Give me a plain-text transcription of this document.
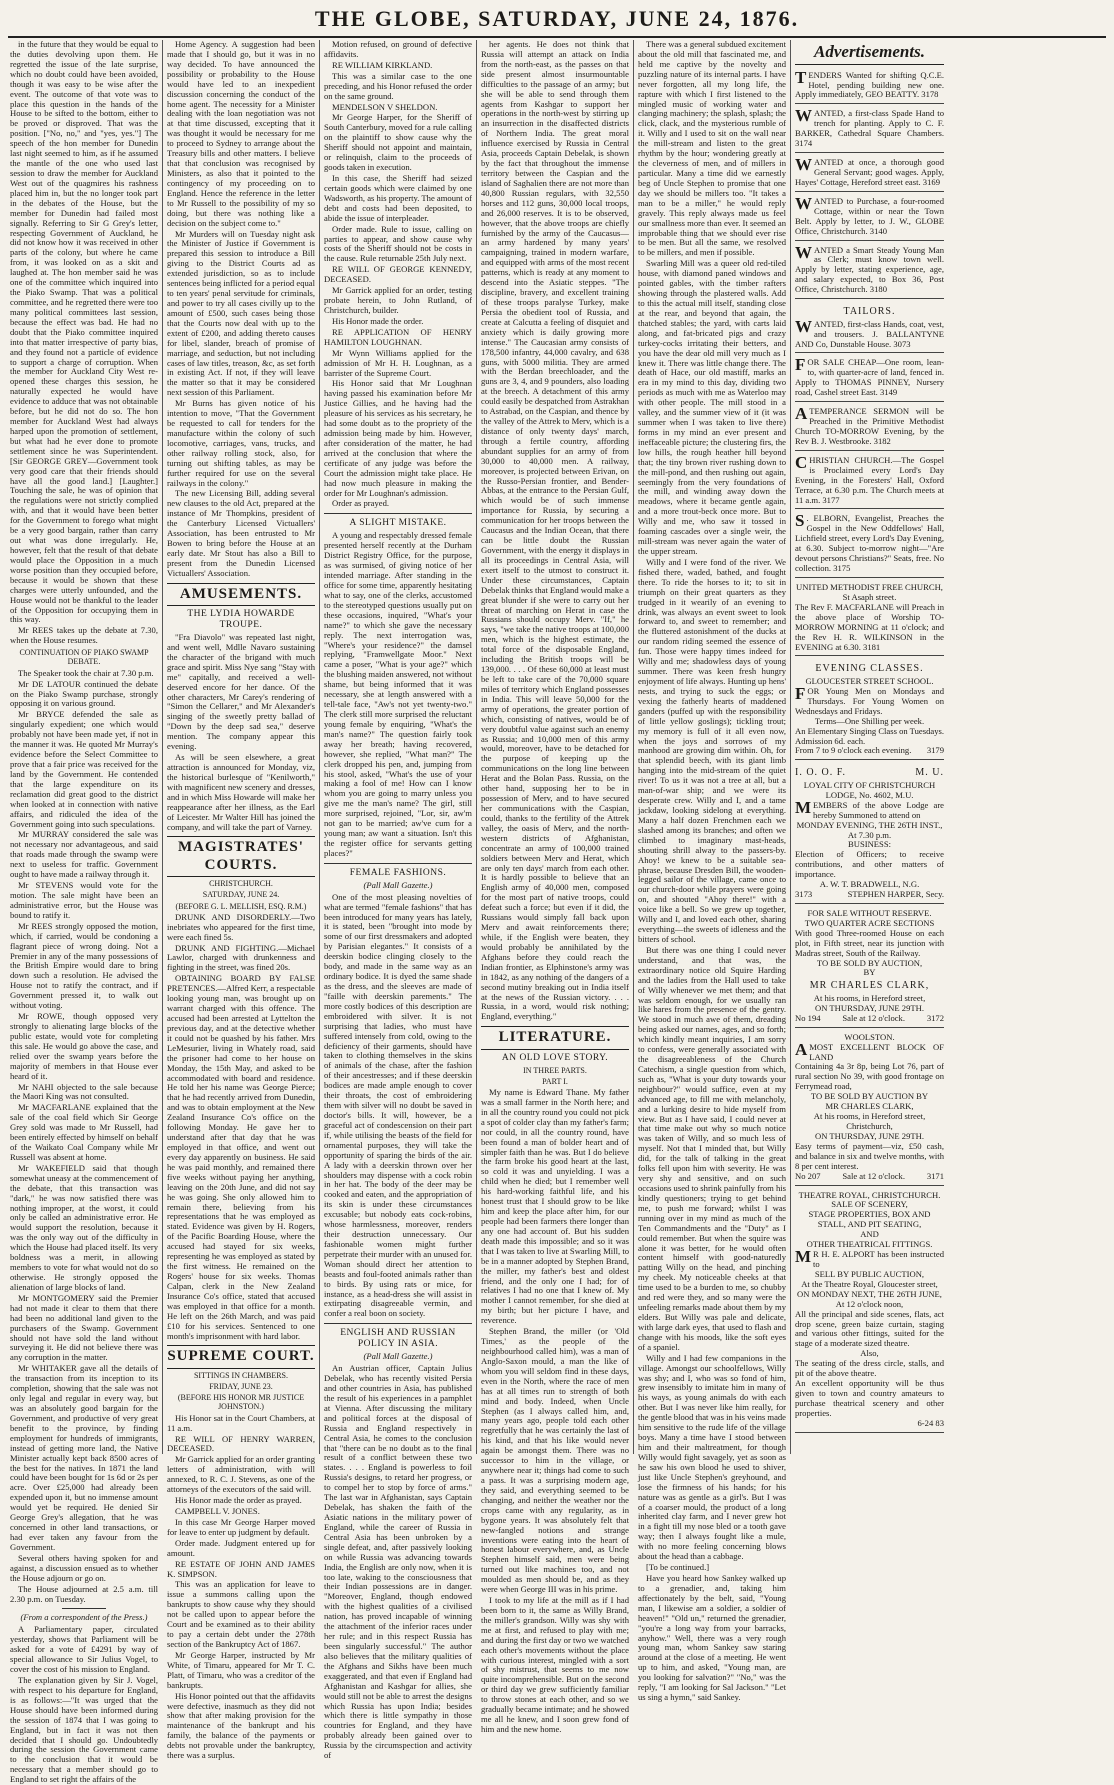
THE GLOBE, SATURDAY, JUNE 24, 1876.

in the future that they would be equal to the duties devolving upon them. He regretted the issue of the late surprise, which no doubt could have been avoided, though it was easy to be wise after the event. The outcome of that vote was to place this question in the hands of the House to be sifted to the bottom, either to be proved or disproved. That was the position. ["No, no," and "yes, yes."] The speech of the hon member for Dunedin last night seemed to him, as if he assumed the mantle of the one who used last session to draw the member for Auckland West out of the quagmires his rashness placed him in, but the no longer took part in the debates of the House, but the member for Dunedin had failed most signally. Referring to Sir G Grey's letter, respecting Government of Auckland, he did not know how it was received in other parts of the colony, but where he came from, it was looked on as a skit and laughed at. The hon member said he was one of the committee which inquired into the Piako Swamp. That was a political committee, and he regretted there were too many political committees last session, because the effect was bad. He had no doubt that the Piako committee inquired into that matter irrespective of party bias, and they found not a particle of evidence to support a charge of corruption. When the member for Auckland City West re-opened these charges this session, he naturally expected he would have evidence to adduce that was not obtainable before, but he did not do so. The hon member for Auckland West had always harped upon the promotion of settlement, but what had he ever done to promote settlement since he was Superintendent. [Sir GEORGE GREY—Government took very good care that their friends should have all the good land.] [Laughter.] Touching the sale, he was of opinion that the regulations were not strictly complied with, and that it would have been better for the Government to forego what might be a very good bargain, rather than carry out what was done irregularly. He, however, felt that the result of that debate would place the Opposition in a much worse position than they occupied before, because it would be shown that these charges were utterly unfounded, and the House would not be thankful to the leader of the Opposition for occupying them in this way.

Mr REES takes up the debate at 7.30, when the House resumes.

CONTINUATION OF PIAKO SWAMP DEBATE.

The Speaker took the chair at 7.30 p.m.

Mr DE LATOUR continued the debate on the Piako Swamp purchase, strongly opposing it on various ground.

Mr BRYCE defended the sale as singularly expedient; one which would probably not have been made yet, if not in the manner it was. He quoted Mr Murray's evidence before the Select Committee to prove that a fair price was received for the land by the Government. He contended that the large expenditure on its reclamation did great good to the district when looked at in connection with native affairs, and ridiculed the idea of the Government going into such speculations.

Mr MURRAY considered the sale was not necessary nor advantageous, and said that roads made through the swamp were next to useless for traffic. Government ought to have made a railway through it.

Mr STEVENS would vote for the motion. The sale might have been an administrative error, but the House was bound to ratify it.

Mr REES strongly opposed the motion, which, if carried, would be condoning a flagrant piece of wrong doing. Not a Premier in any of the many possessions of the British Empire would dare to bring down such a resolution. He advised the House not to ratify the contract, and if Government pressed it, to walk out without voting.

Mr ROWE, though opposed very strongly to alienating large blocks of the public estate, would vote for completing this sale. He would go above the case, and relied over the swamp years before the majority of members in that House ever heard of it.

Mr NAHI objected to the sale because the Maori King was not consulted.

Mr MACFARLANE explained that the sale of the coal field which Sir George Grey sold was made to Mr Russell, had been entirely effected by himself on behalf of the Waikato Coal Company while Mr Russell was absent at home.

Mr WAKEFIELD said that though somewhat uneasy at the commencement of the debate, that this transaction was "dark," he was now satisfied there was nothing improper, at the worst, it could only be called an administrative error. He would support the resolution, because it was the only way out of the difficulty in which the House had placed itself. Its very boldness was a merit, in allowing members to vote for what would not do so otherwise. He strongly opposed the alienation of large blocks of land.

Mr MONTGOMERY said the Premier had not made it clear to them that there had been no additional land given to the purchasers of the Swamp. Government should not have sold the land without surveying it. He did not believe there was any corruption in the matter.

Mr WHITAKER gave all the details of the transaction from its inception to its completion, showing that the sale was not only legal and regular in every way, but was an absolutely good bargain for the Government, and productive of very great benefit to the province, by finding employment for hundreds of immigrants, instead of getting more land, the Native Minister actually kept back 8500 acres of the best for the natives. In 1871 the land could have been bought for 1s 6d or 2s per acre. Over £25,000 had already been expended upon it, but no immense amount would yet be required. He denied Sir George Grey's allegation, that he was concerned in other land transactions, or had ever taken any favour from the Government.

Several others having spoken for and against, a discussion ensued as to whether the House adjourn or go on.

The House adjourned at 2.5 a.m. till 2.30 p.m. on Tuesday.

(From a correspondent of the Press.)

A Parliamentary paper, circulated yesterday, shows that Parliament will be asked for a vote of £4291 by way of special allowance to Sir Julius Vogel, to cover the cost of his mission to England.

The explanation given by Sir J. Vogel, with respect to his departure for England, is as follows:—"It was urged that the House should have been informed during the session of 1874 that I was going to England, but in fact it was not then decided that I should go. Undoubtedly during the session the Government came to the conclusion that it would be necessary that a member should go to England to set right the affairs of the

Home Agency. A suggestion had been made that I should go, but it was in no way decided. To have announced the possibility or probability to the House would have led to an inexpedient discussion concerning the conduct of the home agent. The necessity for a Minister dealing with the loan negotiation was not at that time discussed, excepting that it was thought it would be necessary for me to proceed to Sydney to arrange about the Treasury bills and other matters. I believe that that conclusion was recognised by Ministers, as also that it pointed to the contingency of my proceeding on to England. Hence the reference in the letter to Mr Russell to the possibility of my so doing, but there was nothing like a decision on the subject come to."

Mr Murders will on Tuesday night ask the Minister of Justice if Government is prepared this session to introduce a Bill giving to the District Courts ad as extended jurisdiction, so as to include sentences being inflicted for a period equal to ten years' penal servitude for criminals, and power to try all cases civilly up to the amount of £500, such cases being those that the Courts now deal with up to the extent of £200, and adding thereto causes for libel, slander, breach of promise of marriage, and seduction, but not including cases of law titles, treason, &c, as set forth in existing Act. If not, if they will leave the matter so that it may be considered next session of this Parliament.

Mr Burns has given notice of his intention to move, "That the Government be requested to call for tenders for the manufacture within the colony of such locomotive, carriages, vans, trucks, and other railway rolling stock, also, for turning out shifting tables, as may be further required for use on the several railways in the colony."

The new Licensing Bill, adding several new clauses to the old Act, prepared at the instance of Mr Thompkins, president of the Canterbury Licensed Victuallers' Association, has been entrusted to Mr Bowen to bring before the House at an early date. Mr Stout has also a Bill to present from the Dunedin Licensed Victuallers' Association.

AMUSEMENTS.
THE LYDIA HOWARDE TROUPE.

"Fra Diavolo" was repeated last night, and went well, Mdlle Navaro sustaining the character of the brigand with much grace and spirit. Miss Nye sang "Stay with me" capitally, and received a well-deserved encore for her dance. Of the other characters, Mr Carey's rendering of "Simon the Cellarer," and Mr Alexander's singing of the sweetly pretty ballad of "Down by the deep sad sea," deserve mention. The company appear this evening.

As will be seen elsewhere, a great attraction is announced for Monday, viz, the historical burlesque of "Kenilworth," with magnificent new scenery and dresses, and in which Miss Howarde will make her reappearance after her illness, as the Earl of Leicester. Mr Walter Hill has joined the company, and will take the part of Varney.

MAGISTRATES' COURTS.
CHRISTCHURCH.
SATURDAY, JUNE 24.
(BEFORE G. L. MELLISH, ESQ. R.M.)

DRUNK AND DISORDERLY.—Two inebriates who appeared for the first time, were each fined 5s.

DRUNK AND FIGHTING.—Michael Lawlor, charged with drunkenness and fighting in the street, was fined 20s.

OBTAINING BOARD BY FALSE PRETENCES.—Alfred Kerr, a respectable looking young man, was brought up on warrant charged with this offence. The accused had been arrested at Lyttelton the previous day, and at the detective whether it could not be quashed by his father. Mrs LeMesurier, living in Whately road, said the prisoner had come to her house on Monday, the 15th May, and asked to be accommodated with board and residence. He told her his name was George Pierce; that he had recently arrived from Dunedin, and was to obtain employment at the New Zealand Insurance Co's office on the following Monday. He gave her to understand after that day that he was employed in that office, and went out every day apparently on business. He said he was paid monthly, and remained there five weeks without paying her anything, leaving on the 20th June, and did not say he was going. She only allowed him to remain there, believing from his representations that he was employed as stated. Evidence was given by H. Rogers, of the Pacific Boarding House, where the accused had stayed for six weeks, representing he was employed as stated by the first witness. He remained on the Rogers' house for six weeks. Thomas Calpan, clerk in the New Zealand Insurance Co's office, stated that accused was employed in that office for a month. He left on the 26th March, and was paid £10 for his services. Sentenced to one month's imprisonment with hard labor.

SUPREME COURT.
SITTINGS IN CHAMBERS.
FRIDAY, JUNE 23.
(BEFORE HIS HONOR MR JUSTICE JOHNSTON.)

His Honor sat in the Court Chambers, at 11 a.m.

RE WILL OF HENRY WARREN, DECEASED.

Mr Garrick applied for an order granting letters of administration, with will annexed, to R. C. J. Stevens, as one of the attorneys of the executors of the said will.

His Honor made the order as prayed.

CAMPBELL V. JONES.

In this case Mr George Harper moved for leave to enter up judgment by default.

Order made. Judgment entered up for amount.

RE ESTATE OF JOHN AND JAMES K. SIMPSON.

This was an application for leave to issue a summons calling upon the bankrupts to show cause why they should not be called upon to appear before the Court and be examined as to their ability to pay a certain debt under the 278th section of the Bankruptcy Act of 1867.

Mr George Harper, instructed by Mr White, of Timaru, appeared for Mr T. C. Platt, of Timaru, who was a creditor of the bankrupts.

His Honor pointed out that the affidavits were defective, inasmuch as they did not show that after making provision for the maintenance of the bankrupt and his family, the balance of the payments or debts not provable under the bankruptcy, there was a surplus.

Motion refused, on ground of defective affidavits.

RE WILLIAM KIRKLAND.

This was a similar case to the one preceding, and his Honor refused the order on the same ground.

MENDELSON V SHELDON.

Mr George Harper, for the Sheriff of South Canterbury, moved for a rule calling on the plaintiff to show cause why the Sheriff should not appoint and maintain, or relinquish, claim to the proceeds of goods taken in execution.

In this case, the Sheriff had seized certain goods which were claimed by one Wadsworth, as his property. The amount of debt and costs had been deposited, to abide the issue of interpleader.

Order made. Rule to issue, calling on parties to appear, and show cause why costs of the Sheriff should not be costs in the cause. Rule returnable 25th July next.

RE WILL OF GEORGE KENNEDY, DECEASED.

Mr Garrick applied for an order, testing probate herein, to John Rutland, of Christchurch, builder.

His Honor made the order.

RE APPLICATION OF HENRY HAMILTON LOUGHNAN.

Mr Wynn Williams applied for the admission of Mr H. H. Loughnan, as a barrister of the Supreme Court.

His Honor said that Mr Loughnan having passed his examination before Mr Justice Gillies, and he having had the pleasure of his services as his secretary, he had some doubt as to the propriety of the admission being made by him. However, after consideration of the matter, he had arrived at the conclusion that where the certificate of any judge was before the Court the admission might take place. He had now much pleasure in making the order for Mr Loughnan's admission.

Order as prayed.

A SLIGHT MISTAKE.

A young and respectably dressed female presented herself recently at the Durham District Registry Office, for the purpose, as was surmised, of giving notice of her intended marriage. After standing in the office for some time, apparently hesitating what to say, one of the clerks, accustomed to the stereotyped questions usually put on these occasions, inquired, "What's your name?" to which she gave the necessary reply. The next interrogation was, "Where's your residence?" the damsel replying, "Framwellgate Moor." Next came a poser, "What is your age?" which the blushing maiden answered, not without shame, but being informed that it was necessary, she at length answered with a tell-tale face, "Aw's not yet twenty-two." The clerk still more surprised the reluctant young female by enquiring, "What's the man's name?" The question fairly took away her breath; having recovered, however, she replied, "What man?" The clerk dropped his pen, and, jumping from his stool, asked, "What's the use of your making a fool of me! How can I know whom you are going to marry unless you give me the man's name? The girl, still more surprised, rejoined, "Lor, sir, aw'm not gan to be married; aw've cum for a young man; aw want a situation. Isn't this the register office for servants getting places?"

FEMALE FASHIONS.
(Pall Mall Gazette.)

One of the most pleasing novelties of what are termed "female fashions" that has been introduced for many years has lately, it is stated, been "brought into mode by some of our first dressmakers and adopted by Parisian elegantes." It consists of a deerskin bodice clinging closely to the body, and made in the same way as an ordinary bodice. It is dyed the same shade as the dress, and the sleeves are made of "faille with deerskin parements." The more costly bodices of this description are embroidered with silver. It is not surprising that ladies, who must have suffered intensely from cold, owing to the deficiency of their garments, should have taken to clothing themselves in the skins of animals of the chase, after the fashion of their ancestresses; and if these deerskin bodices are made ample enough to cover their throats, the cost of embroidering them with silver will no doubt be saved in doctor's bills. It will, however, be a graceful act of condescension on their part if, while utilising the beasts of the field for ornamental purposes, they will take the opportunity of sparing the birds of the air. A lady with a deerskin thrown over her shoulders may dispense with a cock robin in her hat. The body of the deer may be cooked and eaten, and the appropriation of its skin is under these circumstances excusable; but nobody eats cock-robins, whose harmlessness, moreover, renders their destruction unnecessary. Our fashionable women might further perpetrate their murder with an unused for. Woman should direct her attention to beasts and foul-footed animals rather than to birds. By using rats or mice, for instance, as a head-dress she will assist in extirpating disagreeable vermin, and confer a real boon on society.

ENGLISH AND RUSSIAN POLICY IN ASIA.
(Pall Mall Gazette.)

An Austrian officer, Captain Julius Debelak, who has recently visited Persia and other countries in Asia, has published the result of his experiences in a pamphlet at Vienna. After discussing the military and political forces at the disposal of Russia and England respectively in Central Asia, he comes to the conclusion that "there can be no doubt as to the final result of a conflict between these two states. . . . England is powerless to foil Russia's designs, to retard her progress, or to compel her to stop by force of arms." The last war in Afghanistan, says Captain Debelak, has shaken the faith of the Asiatic nations in the military power of England, while the career of Russia in Central Asia has been unbroken by a single defeat, and, after passively looking on while Russia was advancing towards India, the English are only now, when it is too late, waking to the consciousness that their Indian possessions are in danger. "Moreover, England, though endowed with the highest qualities of a civilised nation, has proved incapable of winning the attachment of the inferior races under her rule; and in this respect Russia has been singularly successful." The author also believes that the military qualities of the Afghans and Sikhs have been much exaggerated, and that even if England had Afghanistan and Kashgar for allies, she would still not be able to arrest the designs which Russia has upon India; besides which there is little sympathy in those countries for England, and they have probably already been gained over to Russia by the circumspection and activity of

her agents. He does not think that Russia will attempt an attack on India from the north-east, as the passes on that side present almost insurmountable difficulties to the passage of an army; but she will be able to send through them agents from Kashgar to support her operations in the north-west by stirring up an insurrection in the disaffected districts of Northern India. The great moral influence exercised by Russia in Central Asia, proceeds Captain Debelak, is shown by the fact that throughout the immense territory between the Caspian and the island of Saghalien there are not more than 40,800 Russian regulars, with 32,550 horses and 112 guns, 30,000 local troops, and 26,000 reserves. It is to be observed, however, that the above troops are chiefly furnished by the army of the Caucasus—an army hardened by many years' campaigning, trained in modern warfare, and equipped with arms of the most recent patterns, which is ready at any moment to descend into the Asiatic steppes. "The discipline, bravery, and excellent training of these troops paralyse Turkey, make Persia the obedient tool of Russia, and create at Calcutta a feeling of disquiet and anxiety which is daily growing more intense." The Caucasian army consists of 178,500 infantry, 44,000 cavalry, and 638 guns, with 5000 militia. They are armed with the Berdan breechloader, and the guns are 3, 4, and 9 pounders, also loading at the breech. A detachment of this army could easily be despatched from Astrakhan to Astrabad, on the Caspian, and thence by the valley of the Attrek to Merv, which is a distance of only twenty days' march, through a fertile country, affording abundant supplies for an army of from 30,000 to 40,000 men. A railway, moreover, is projected between Erivan, on the Russo-Persian frontier, and Bender-Abbas, at the entrance to the Persian Gulf, which would be of such immense importance for Russia, by securing a communication for her troops between the Caucasus and the Indian Ocean, that there can be little doubt the Russian Government, with the energy it displays in all its proceedings in Central Asia, will exert itself to the utmost to construct it. Under these circumstances, Captain Debelak thinks that England would make a great blunder if she were to carry out her threat of marching on Herat in case the Russians should occupy Merv. "If," he says, "we take the native troops at 100,000 men, which is the highest estimate, the total force of the disposable England, including the British troops will be 139,000. . . . Of these 60,000 at least must be left to take care of the 70,000 square miles of territory which England possesses in India. This will leave 50,000 for the army of operations, the greater portion of which, consisting of natives, would be of very doubtful value against such an enemy as Russia; and 10,000 men of this army would, moreover, have to be detached for the purpose of keeping up the communications on the long line between Herat and the Bolan Pass. Russia, on the other hand, supposing her to be in possession of Merv, and to have secured her communications with the Caspian, could, thanks to the fertility of the Attrek valley, the oasis of Merv, and the north-western districts of Afghanistan, concentrate an army of 100,000 trained soldiers between Merv and Herat, which are only ten days' march from each other. It is hardly possible to believe that an English army of 40,000 men, composed for the most part of native troops, could defeat such a force; but even if it did, the Russians would simply fall back upon Merv and await reinforcements there; while, if the English were beaten, they would probably be annihilated by the Afghans before they could reach the Indian frontier, as Elphinstone's army was in 1842, as any nothing of the dangers of a second mutiny breaking out in India itself at the news of the Russian victory. . . . Russia, in a word, would risk nothing; England, everything."

LITERATURE.
AN OLD LOVE STORY.
IN THREE PARTS.
PART I.

My name is Edward Thane. My father was a small farmer in the North here; and in all the country round you could not pick a spot of colder clay than my father's farm; nor could, in all the country round, have been found a man of bolder heart and of simpler faith than he was. But I do believe the farm broke his good heart at the last, so cold it was and unyielding. I was a child when he died; but I remember well his hard-working faithful life, and his honest trust that I should grow to be like him and keep the place after him, for our people had been farmers there longer than any one had account of. But his sudden death made this impossible; and so it was that I was taken to live at Swarling Mill, to be in a manner adopted by Stephen Brand, the miller, my father's best and oldest friend, and the only one I had; for of relatives I had no one that I knew of. My mother I cannot remember, for she died at my birth; but her picture I have, and reverence.

Stephen Brand, the miller (or 'Old Times,' as the people of the neighbourhood called him), was a man of Anglo-Saxon mould, a man the like of whom you will seldom find in these days, even in the North, where the race of men has at all times run to strength of both mind and body. Indeed, when Uncle Stephen (as I always called him, and, many years ago, people told each other regretfully that he was certainly the last of his kind, and that his like would never again be amongst them. There was no successor to him in the village, or anywhere near it; things had come to such a pass. It was a surprising modern age, they said, and everything seemed to be changing, and neither the weather nor the crops came with any regularity, as in bygone years. It was absolutely felt that new-fangled notions and strange inventions were eating into the heart of honest labour everywhere, and, as Uncle Stephen himself said, men were being turned out like machines too, and not moulded as men should be, and as they were when George III was in his prime.

I took to my life at the mill as if I had been born to it, the same as Willy Brand, the miller's grandson. Willy was shy with me at first, and refused to play with me; and during the first day or two we watched each other's movements without the place with curious interest, mingled with a sort of shy mistrust, that seems to me now quite incomprehensible. But on the second or third day we grew sufficiently familiar to throw stones at each other, and so we gradually became intimate; and he showed me all he knew, and I soon grew fond of him and the new home.

There was a general subdued excitement about the old mill that fascinated me, and held me captive by the novelty and puzzling nature of its internal parts. I have never forgotten, all my long life, the rapture with which I first listened to the mingled music of working water and clanging machinery; the splash, splash; the click, clack, and the mysterious rumble of it. Willy and I used to sit on the wall near the mill-stream and listen to the great rhythm by the hour; wondering greatly at the cleverness of men, and of millers in particular. Many a time did we earnestly beg of Uncle Stephen to promise that one day we should be millers too. "It takes a man to be a miller," he would reply gravely. This reply always made us feel our smallness more than ever. It seemed an improbable thing that we should ever rise to be men. But all the same, we resolved to be millers, and men if possible.

Swarling Mill was a queer old red-tiled house, with diamond paned windows and pointed gables, with the timber rafters showing through the plastered walls. Add to this the actual mill itself, standing close at the rear, and beyond that again, the thatched stables; the yard, with carts laid along, and fat-bricated pigs and crazy turkey-cocks irritating their betters, and you have the dear old mill very much as I knew it. There was little change there. The death of Hace, our old mastiff, marks an era in my mind to this day, dividing two periods as much with me as Waterloo may with other people. The mill stood in a valley, and the summer view of it (it was summer when I was taken to live there) forms in my mind an ever present and ineffaceable picture; the clustering firs, the low hills, the rough heather hill beyond that; the tiny brown river rushing down to the mill-pond, and then rushing out again, seemingly from the very foundations of the mill, and winding away down the meadows, where it became gentle again, and a more trout-beck once more. But to Willy and me, who saw it tossed in foaming cascades over a single weir, the mill-stream was never again the water of the upper stream.

Willy and I were fond of the river. We fished there, waded, bathed, and fought there. To ride the horses to it; to sit in triumph on their great quarters as they trudged in it wearily of an evening to drink, was always an event sweet to look forward to, and sweet to remember; and the fluttered astonishment of the ducks at our random riding seemed the essence of fun. Those were happy times indeed for Willy and me; shadowless days of young summer. There was keen fresh hungry enjoyment of life always. Hunting up hens' nests, and trying to suck the eggs; or vexing the fatherly hearts of maddened ganders (puffed up with the responsibility of little yellow goslings); tickling trout; my memory is full of it all even now, when the joys and sorrows of my manhood are growing dim within. Oh, for that splendid beech, with its giant limb hanging into the mid-stream of the quiet river! To us it was not a tree at all, but a man-of-war ship; and we were its desperate crew. Willy and I, and a tame jackdaw, looking sidelong at everything. Many a half dozen Frenchmen each we slashed among its branches; and often we climbed to imaginary mast-heads, shouting shrill alway to the passers-by. Ahoy! we knew to be a suitable sea-phrase, because Dresden Bill, the wooden-legged sailor of the village, came once to our church-door while prayers were going on, and shouted "Ahoy there!" with a voice like a bell. So we grew up together, Willy and I, and loved each other, sharing everything—the sweets of idleness and the bitters of school.

But there was one thing I could never understand, and that was, the extraordinary notice old Squire Harding and the ladies from the Hall used to take of Willy whenever we met them; and that was seldom enough, for we usually ran like hares from the presence of the gentry. We stood in much awe of them, dreading being asked our names, ages, and so forth; which kindly meant inquiries, I am sorry to confess, were generally associated with the disagreeableness of the Church Catechism, a single question from which, such as, "What is your duty towards your neighbour?" would suffice, even at my advanced age, to fill me with melancholy, and a lurking desire to hide myself from view. But as I have said, I could never at that time make out why so much notice was taken of Willy, and so much less of myself. Not that I minded that, but Willy did, for the talk of talking in the great folks fell upon him with severity. He was very shy and sensitive, and on such occasions used to shrink painfully from his kindly questioners; trying to get behind me, to push me forward; whilst I was running over in my mind as much of the Ten Commandments and the "Duty" as I could remember. But when the squire was alone it was better, for he would often content himself with good-naturedly patting Willy on the head, and pinching my cheek. My noticeable cheeks at that time used to be a burden to me, so chubby and red were they, and so many were the unfeeling remarks made about them by my elders. But Willy was pale and delicate, with large dark eyes, that used to flash and change with his moods, like the soft eyes of a spaniel.

Willy and I had few companions in the village. Amongst our schoolfellows, Willy was shy; and I, who was so fond of him, grew insensibly to imitate him in many of his ways, as young animals do with each other. But I was never like him really, for the gentle blood that was in his veins made him sensitive to the rude life of the village boys. Many a time have I stood between him and their maltreatment, for though Willy would fight savagely, yet as soon as he saw his own blood he used to shiver, just like Uncle Stephen's greyhound, and lose the firmness of his hands; for his nature was as gentle as a girl's. But I was of a coarser mould, the product of a long inherited clay farm, and I never grew hot in a fight till my nose bled or a tooth gave way; then I always fought like a mule, with no more feeling concerning blows about the head than a cabbage.

[To be continued.]

Have you heard how Sankey walked up to a grenadier, and, taking him affectionately by the belt, said, "Young man, I likewise am a soldier, a soldier of heaven!" "Old un," returned the grenadier, "you're a long way from your barracks, anyhow." Well, there was a very rough young man, whom Sankey saw staring around at the close of a meeting. He went up to him, and asked, "Young man, are you looking for salvation?" "No," was the reply, "I am looking for Sal Jackson." "Let us sing a hymn," said Sankey.

Advertisements.

TENDERS Wanted for shifting Q.C.E. Hotel, pending building new one. Apply immediately, GEO BEATTY. 3178

WANTED, a first-class Spade Hand to trench for planting. Apply to C. F. BARKER, Cathedral Square Chambers. 3174

WANTED at once, a thorough good General Servant; good wages. Apply, Hayes' Cottage, Hereford street east. 3169

WANTED to Purchase, a four-roomed Cottage, within or near the Town Belt. Apply by letter, to J. W., GLOBE Office, Christchurch. 3140

WANTED a Smart Steady Young Man as Clerk; must know town well. Apply by letter, stating experience, age, and salary expected, to Box 36, Post Office, Christchurch. 3180

TAILORS.

WANTED, first-class Hands, coat, vest, and trousers. J. BALLANTYNE AND Co, Dunstable House. 3073

FOR SALE CHEAP—One room, lean-to, with quarter-acre of land, fenced in. Apply to THOMAS PINNEY, Nursery road, Cashel street East. 3149

A TEMPERANCE SERMON will be Preached in the Primitive Methodist Church TO-MORROW Evening, by the Rev B. J. Westbrooke. 3182

CHRISTIAN CHURCH.—The Gospel is Proclaimed every Lord's Day Evening, in the Foresters' Hall, Oxford Terrace, at 6.30 p.m. The Church meets at 11 a.m. 3177

S . ELBORN, Evangelist, Preaches the Gospel in the New Oddfellows' Hall, Lichfield street, every Lord's Day Evening, at 6.30. Subject to-morrow night—"Are devout persons Christians?" Seats, free. No collection. 3175

UNITED METHODIST FREE CHURCH,
St Asaph street.

The Rev F. MACFARLANE will Preach in the above place of Worship TO-MORROW MORNING at 11 o'clock; and the Rev H. R. WILKINSON in the EVENING at 6.30. 3181

EVENING CLASSES.
GLOUCESTER STREET SCHOOL.

FOR Young Men on Mondays and Thursdays. For Young Women on Wednesdays and Fridays.

Terms—One Shilling per week.

An Elementary Singing Class on Tuesdays. Admission 6d. each.

From 7 to 9 o'clock each evening. 3179
I. O. O. F.	M. U.
LOYAL CITY OF CHRISTCHURCH
LODGE, No. 4602, M.U.

MEMBERS of the above Lodge are hereby Summoned to attend on

MONDAY EVENING, THE 26TH INST., At 7.30 p.m.
BUSINESS:

Election of Officers; to receive contributions, and other matters of importance.

A. W. T. BRADWELL, N.G.
3173	STEPHEN HARPER, Secy.
FOR SALE WITHOUT RESERVE.
TWO QUARTER ACRE SECTIONS

With good Three-roomed House on each plot, in Fifth street, near its junction with Madras street, South of the Railway.

TO BE SOLD BY AUCTION,
BY
MR CHARLES CLARK,
At his rooms, in Hereford street,
ON THURSDAY, JUNE 29TH.
No 194	Sale at 12 o'clock.	3172
WOOLSTON.

A MOST EXCELLENT BLOCK OF LAND

Containing 4a 3r 8p, being Lot 76, part of rural section No 39, with good frontage on Ferrymead road,

TO BE SOLD BY AUCTION BY
MR CHARLES CLARK,
At his rooms, in Hereford street, Christchurch,
ON THURSDAY, JUNE 29TH.

Easy terms of payment—viz, £50 cash, and balance in six and twelve months, with 8 per cent interest.

No 207	Sale at 12 o'clock.	3171
THEATRE ROYAL, CHRISTCHURCH.
SALE OF SCENERY,
STAGE PROPERTIES, BOX AND STALL, AND PIT SEATING,
AND
OTHER THEATRICAL FITTINGS.

M R H. E. ALPORT has been instructed to

SELL BY PUBLIC AUCTION,
At the Theatre Royal, Gloucester street,
ON MONDAY NEXT, THE 26TH JUNE,
At 12 o'clock noon,

All the principal and side scenes, flats, act drop scene, green baize curtain, staging and various other fittings, suited for the stage of a moderate sized theatre.

Also,

The seating of the dress circle, stalls, and pit of the above theatre.

An excellent opportunity will be thus given to town and country amateurs to purchase theatrical scenery and other properties.

6-24 83
